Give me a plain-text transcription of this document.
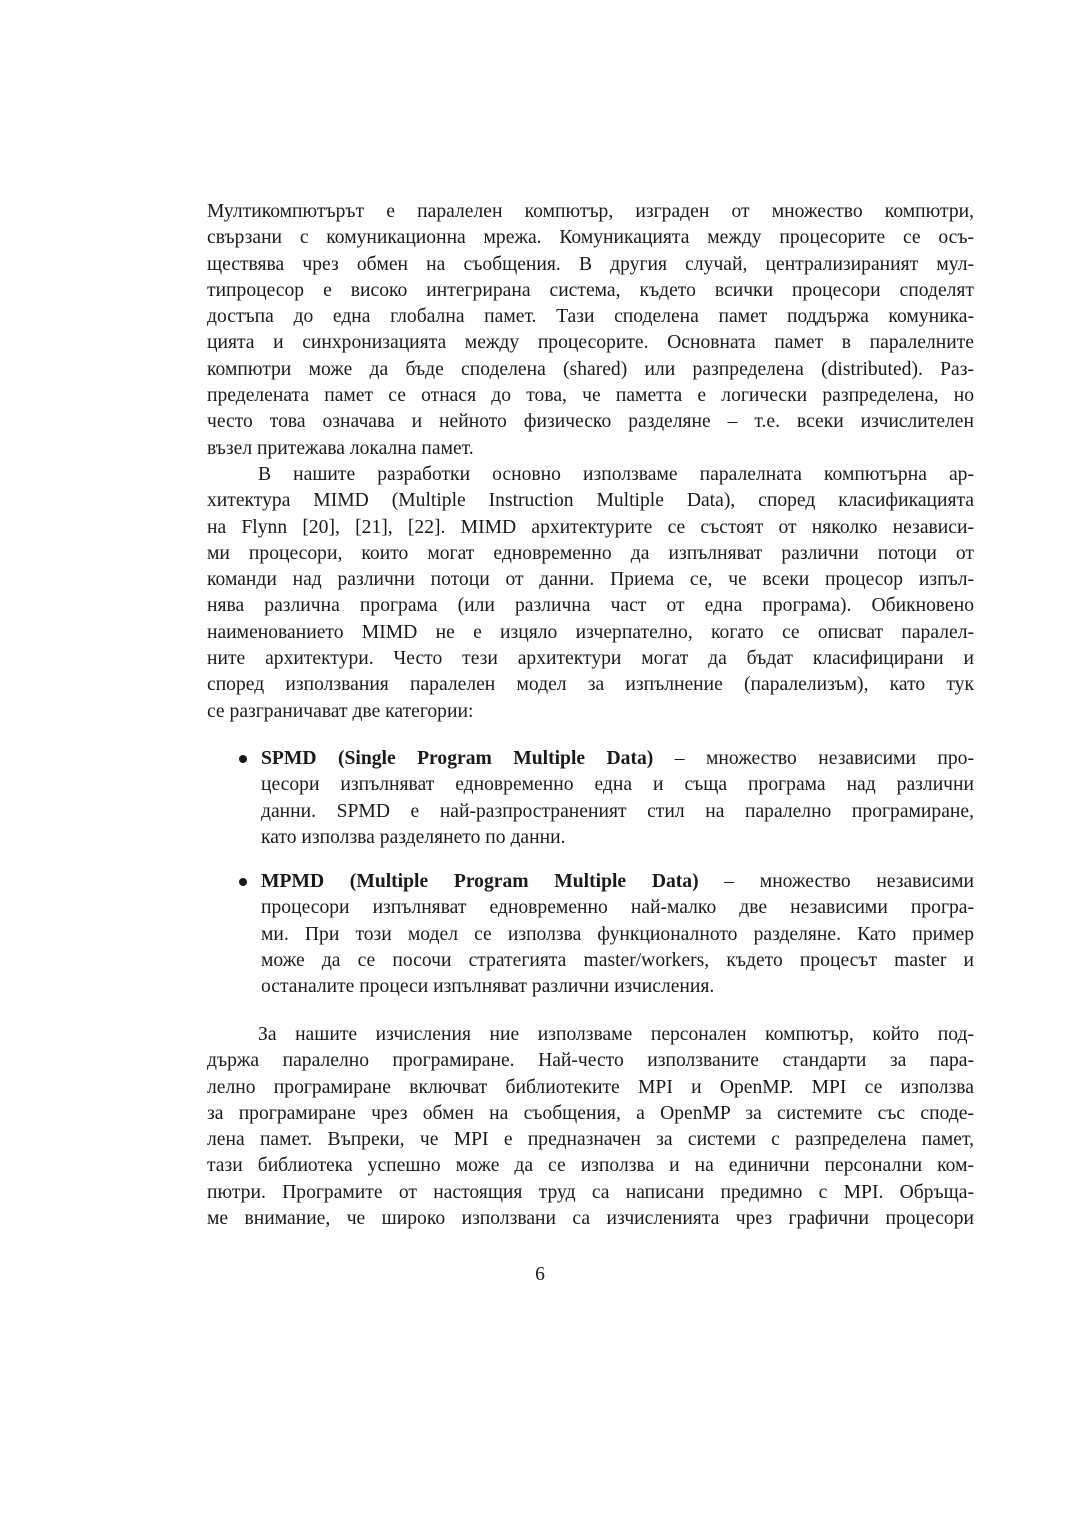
Мултикомпютърът е паралелен компютър, изграден от множество компютри,
свързани с комуникационна мрежа. Комуникацията между процесорите се осъ-
ществява чрез обмен на съобщения. В другия случай, централизираният мул-
типроцесор е високо интегрирана система, където всички процесори споделят
достъпа до една глобална памет. Тази споделена памет поддържа комуника-
цията и синхронизацията между процесорите. Основната памет в паралелните
компютри може да бъде споделена (shared) или разпределена (distributed). Раз-
пределената памет се отнася до това, че паметта е логически разпределена, но
често това означава и нейното физическо разделяне – т.е. всеки изчислителен
възел притежава локална памет.
В нашите разработки основно използваме паралелната компютърна ар-
хитектура MIMD (Multiple Instruction Multiple Data), според класификацията
на Flynn [20], [21], [22]. MIMD архитектурите се състоят от няколко независи-
ми процесори, които могат едновременно да изпълняват различни потоци от
команди над различни потоци от данни. Приема се, че всеки процесор изпъл-
нява различна програма (или различна част от една програма). Обикновено
наименованието MIMD не е изцяло изчерпателно, когато се описват паралел-
ните архитектури. Често тези архитектури могат да бъдат класифицирани и
според използвания паралелен модел за изпълнение (паралелизъм), като тук
се разграничават две категории:
SPMD (Single Program Multiple Data) – множество независими про-
цесори изпълняват едновременно една и съща програма над различни
данни. SPMD е най-разпространеният стил на паралелно програмиране,
като използва разделянето по данни.
MPMD (Multiple Program Multiple Data) – множество независими
процесори изпълняват едновременно най-малко две независими програ-
ми. При този модел се използва функционалното разделяне. Като пример
може да се посочи стратегията master/workers, където процесът master и
останалите процеси изпълняват различни изчисления.
За нашите изчисления ние използваме персонален компютър, който под-
държа паралелно програмиране. Най-често използваните стандарти за пара-
лелно програмиране включват библиотеките MPI и OpenMP. MPI се използва
за програмиране чрез обмен на съобщения, а OpenMP за системите със споде-
лена памет. Въпреки, че MPI е предназначен за системи с разпределена памет,
тази библиотека успешно може да се използва и на единични персонални ком-
пютри. Програмите от настоящия труд са написани предимно с MPI. Обръща-
ме внимание, че широко използвани са изчисленията чрез графични процесори
6
